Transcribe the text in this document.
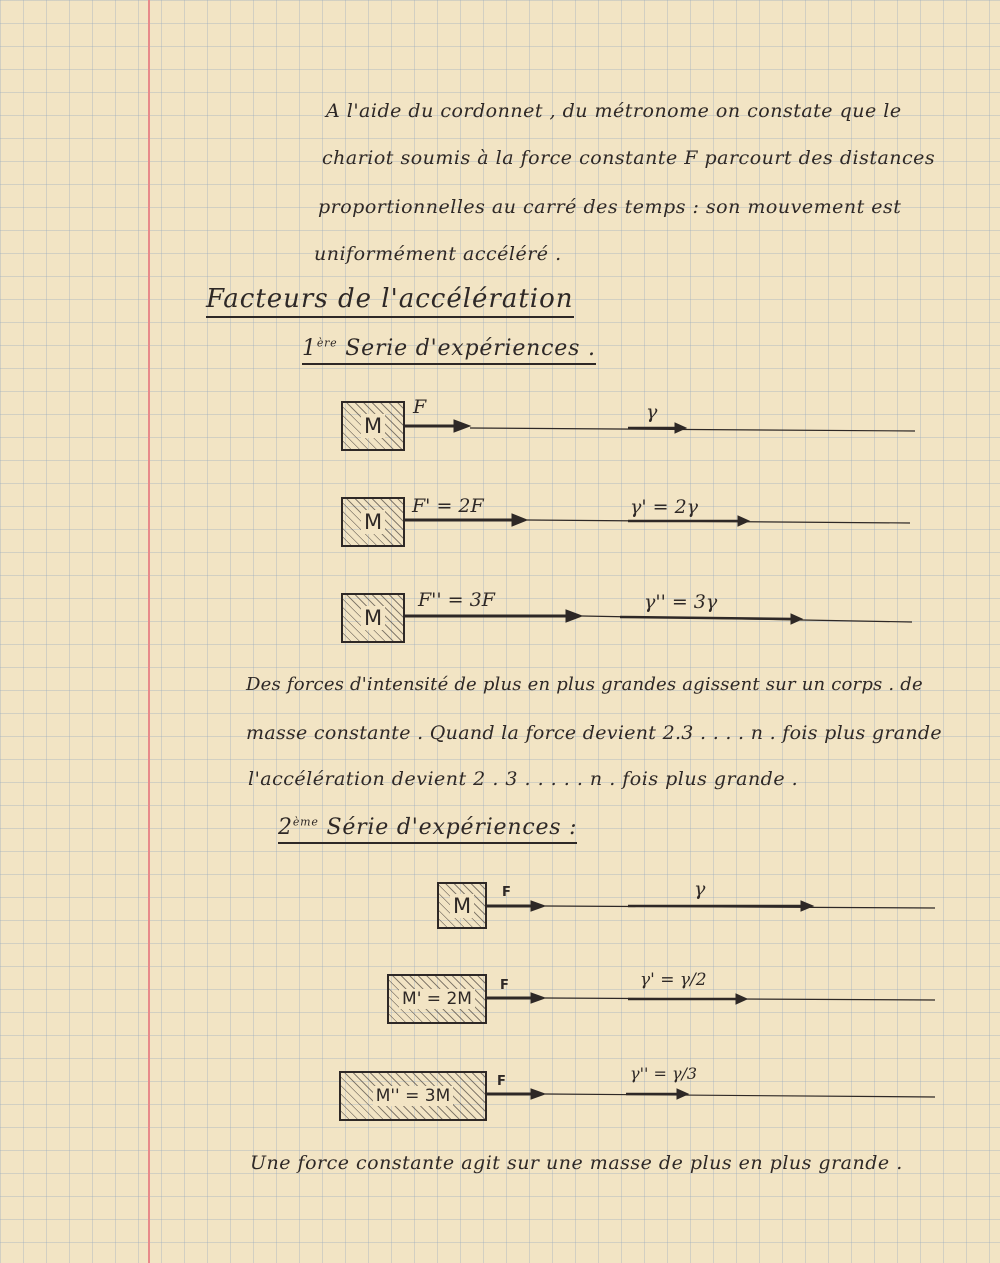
A l'aide du cordonnet , du métronome on constate que le

chariot soumis à la force constante F parcourt des distances

proportionnelles au carré des temps : son mouvement est

uniformément accéléré .

Facteurs de l'accélération
1ère Serie d'expériences .
M
M
M
F	γ
F' = 2F	γ' = 2γ
F'' = 3F	γ'' = 3γ

Des forces d'intensité de plus en plus grandes agissent sur un corps . de

masse constante . Quand la force devient 2.3 . . . . n . fois plus grande

l'accélération devient 2 . 3 . . . . . n . fois plus grande .

2ème Série d'expériences :
M
M' = 2M
M'' = 3M
F	γ
F	γ' = γ/2
F	γ'' = γ/3

Une force constante agit sur une masse de plus en plus grande .
